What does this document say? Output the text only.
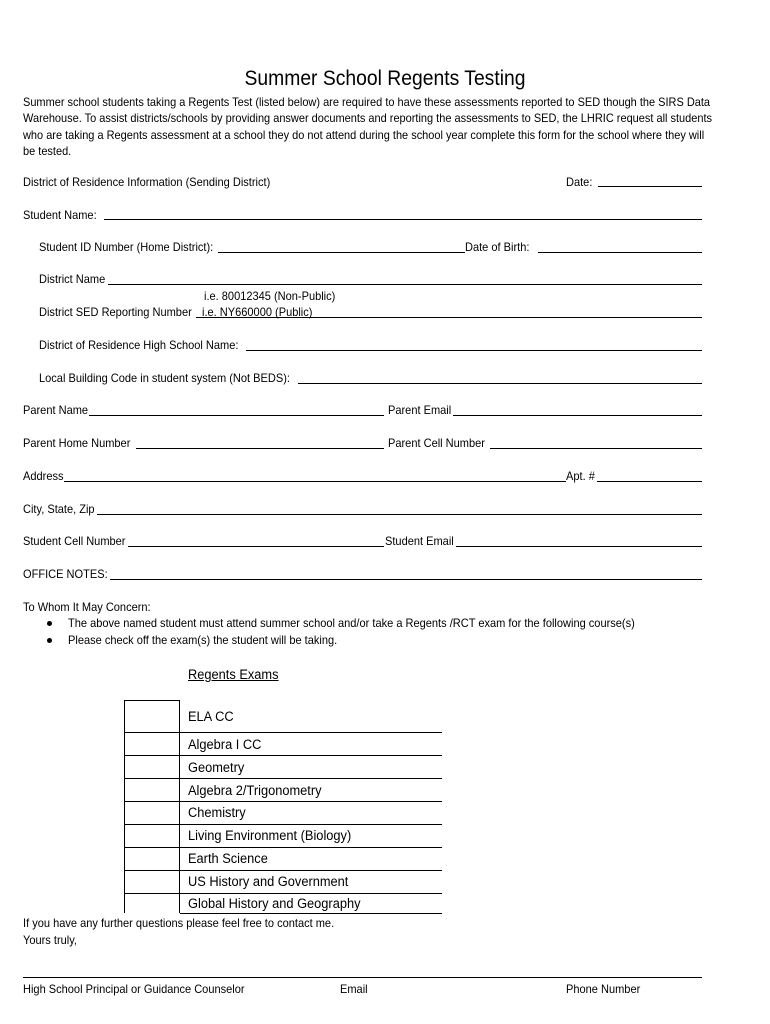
Summer School Regents Testing
Summer school students taking a Regents Test (listed below) are required to have these assessments reported to SED though the SIRS Data Warehouse. To assist districts/schools by providing answer documents and reporting the assessments to SED, the LHRIC request all students who are taking a Regents assessment at a school they do not attend during the school year complete this form for the school where they will be tested.
District of Residence Information (Sending District)	Date:
Student Name:
Student ID Number (Home District):	Date of Birth:
District Name
i.e. 80012345 (Non-Public)
District SED Reporting Number i.e. NY660000 (Public)
District of Residence High School Name:
Local Building Code in student system (Not BEDS):
Parent Name	Parent Email
Parent Home Number	Parent Cell Number
Address	Apt. #
City, State, Zip
Student Cell Number	Student Email
OFFICE NOTES:
To Whom It May Concern:
The above named student must attend summer school and/or take a Regents /RCT exam for the following course(s)
Please check off the exam(s) the student will be taking.
Regents Exams
ELA CC
Algebra I CC
Geometry
Algebra 2/Trigonometry
Chemistry
Living Environment (Biology)
Earth Science
US History and Government
Global History and Geography
If you have any further questions please feel free to contact me.
Yours truly,
High School Principal or Guidance Counselor	Email	Phone Number
